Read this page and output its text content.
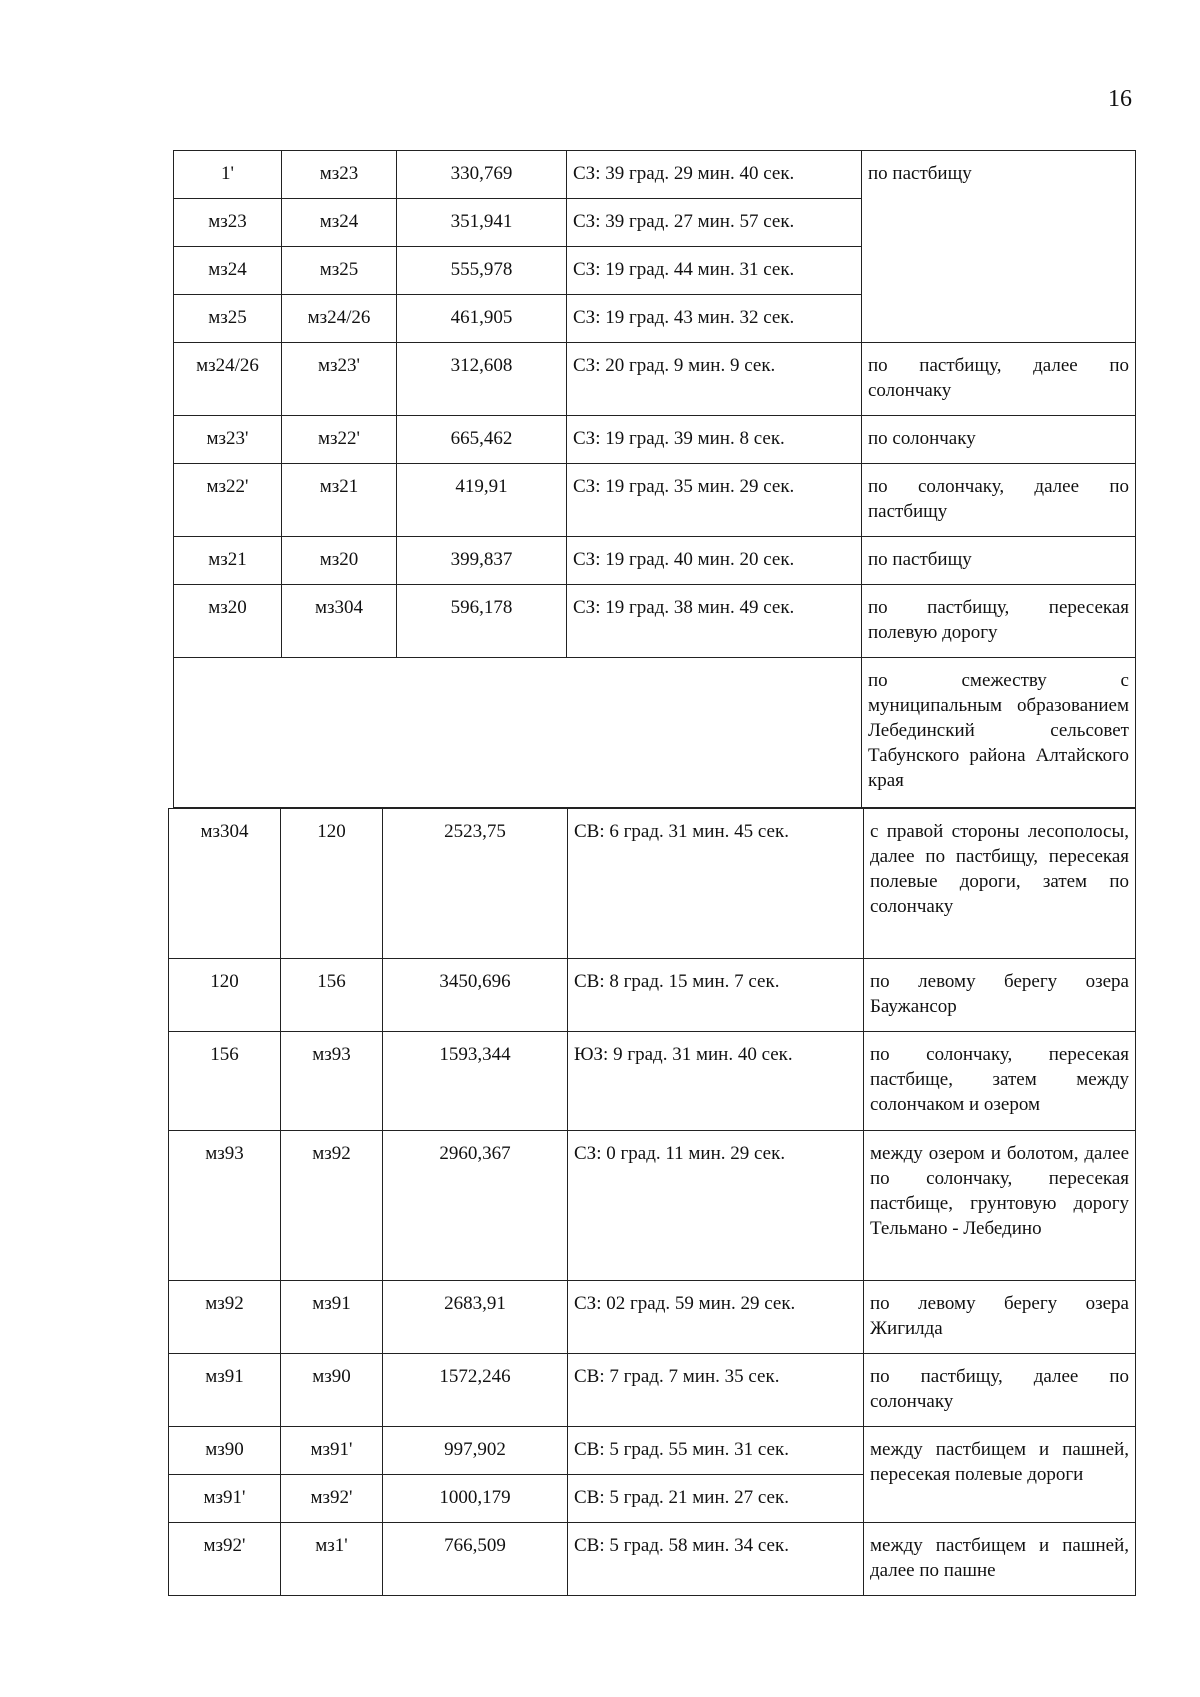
16
1'	мз23	330,769	СЗ: 39 град. 29 мин. 40 сек.	по пастбищу
мз23	мз24	351,941	СЗ: 39 град. 27 мин. 57 сек.	
мз24	мз25	555,978	СЗ: 19 град. 44 мин. 31 сек.	
мз25	мз24/26	461,905	СЗ: 19 град. 43 мин. 32 сек.	
мз24/26	мз23'	312,608	СЗ: 20 град. 9 мин. 9 сек.	по пастбищу, далее по солончаку
мз23'	мз22'	665,462	СЗ: 19 град. 39 мин. 8 сек.	по солончаку
мз22'	мз21	419,91	СЗ: 19 град. 35 мин. 29 сек.	по солончаку, далее по пастбищу
мз21	мз20	399,837	СЗ: 19 град. 40 мин. 20 сек.	по пастбищу
мз20	мз304	596,178	СЗ: 19 град. 38 мин. 49 сек.	по пастбищу, пересекая полевую дорогу
				по смежеству с муниципальным образованием Лебединский сельсовет Табунского района Алтайского края
мз304	120	2523,75	СВ: 6 град. 31 мин. 45 сек.	с правой стороны лесополосы, далее по пастбищу, пересекая полевые дороги, затем по солончаку
120	156	3450,696	СВ: 8 град. 15 мин. 7 сек.	по левому берегу озера Баужансор
156	мз93	1593,344	ЮЗ: 9 град. 31 мин. 40 сек.	по солончаку, пересекая пастбище, затем между солончаком и озером
мз93	мз92	2960,367	СЗ: 0 град. 11 мин. 29 сек.	между озером и болотом, далее по солончаку, пересекая пастбище, грунтовую дорогу Тельмано - Лебедино
мз92	мз91	2683,91	СЗ: 02 град. 59 мин. 29 сек.	по левому берегу озера Жигилда
мз91	мз90	1572,246	СВ: 7 град. 7 мин. 35 сек.	по пастбищу, далее по солончаку
мз90	мз91'	997,902	СВ: 5 град. 55 мин. 31 сек.	между пастбищем и пашней, пересекая полевые дороги
мз91'	мз92'	1000,179	СВ: 5 град. 21 мин. 27 сек.	
мз92'	мз1'	766,509	СВ: 5 град. 58 мин. 34 сек.	между пастбищем и пашней, далее по пашне
